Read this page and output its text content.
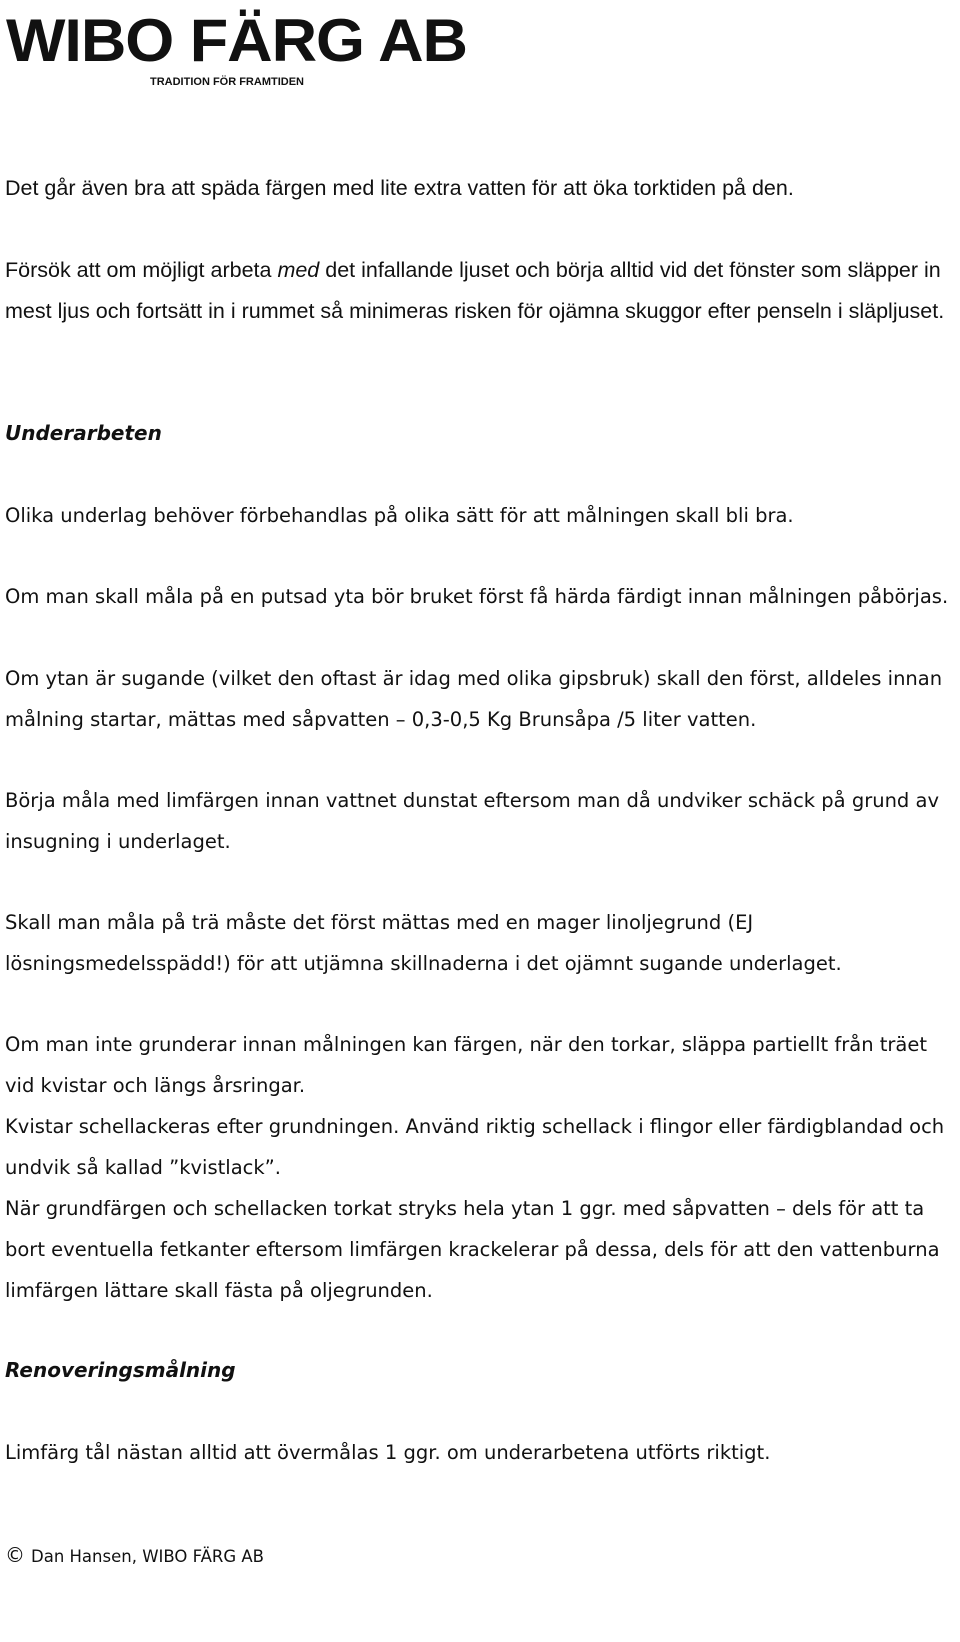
WIBO FÄRG AB
TRADITION FÖR FRAMTIDEN

Det går även bra att späda färgen med lite extra vatten för att öka torktiden på den.

Försök att om möjligt arbeta med det infallande ljuset och börja alltid vid det fönster som släpper in mest ljus och fortsätt in i rummet så minimeras risken för ojämna skuggor efter penseln i släpljuset.

Underarbeten

Olika underlag behöver förbehandlas på olika sätt för att målningen skall bli bra.

Om man skall måla på en putsad yta bör bruket först få härda färdigt innan målningen påbörjas.

Om ytan är sugande (vilket den oftast är idag med olika gipsbruk) skall den först, alldeles innan målning startar, mättas med såpvatten – 0,3-0,5 Kg Brunsåpa /5 liter vatten.

Börja måla med limfärgen innan vattnet dunstat eftersom man då undviker schäck på grund av insugning i underlaget.

Skall man måla på trä måste det först mättas med en mager linoljegrund (EJ lösningsmedelsspädd!) för att utjämna skillnaderna i det ojämnt sugande underlaget.

Om man inte grunderar innan målningen kan färgen, när den torkar, släppa partiellt från träet vid kvistar och längs årsringar.

Kvistar schellackeras efter grundningen. Använd riktig schellack i flingor eller färdigblandad och undvik så kallad ”kvistlack”.

När grundfärgen och schellacken torkat stryks hela ytan 1 ggr. med såpvatten – dels för att ta bort eventuella fetkanter eftersom limfärgen krackelerar på dessa, dels för att den vattenburna limfärgen lättare skall fästa på oljegrunden.

Renoveringsmålning

Limfärg tål nästan alltid att övermålas 1 ggr. om underarbetena utförts riktigt.

© Dan Hansen, WIBO FÄRG AB
